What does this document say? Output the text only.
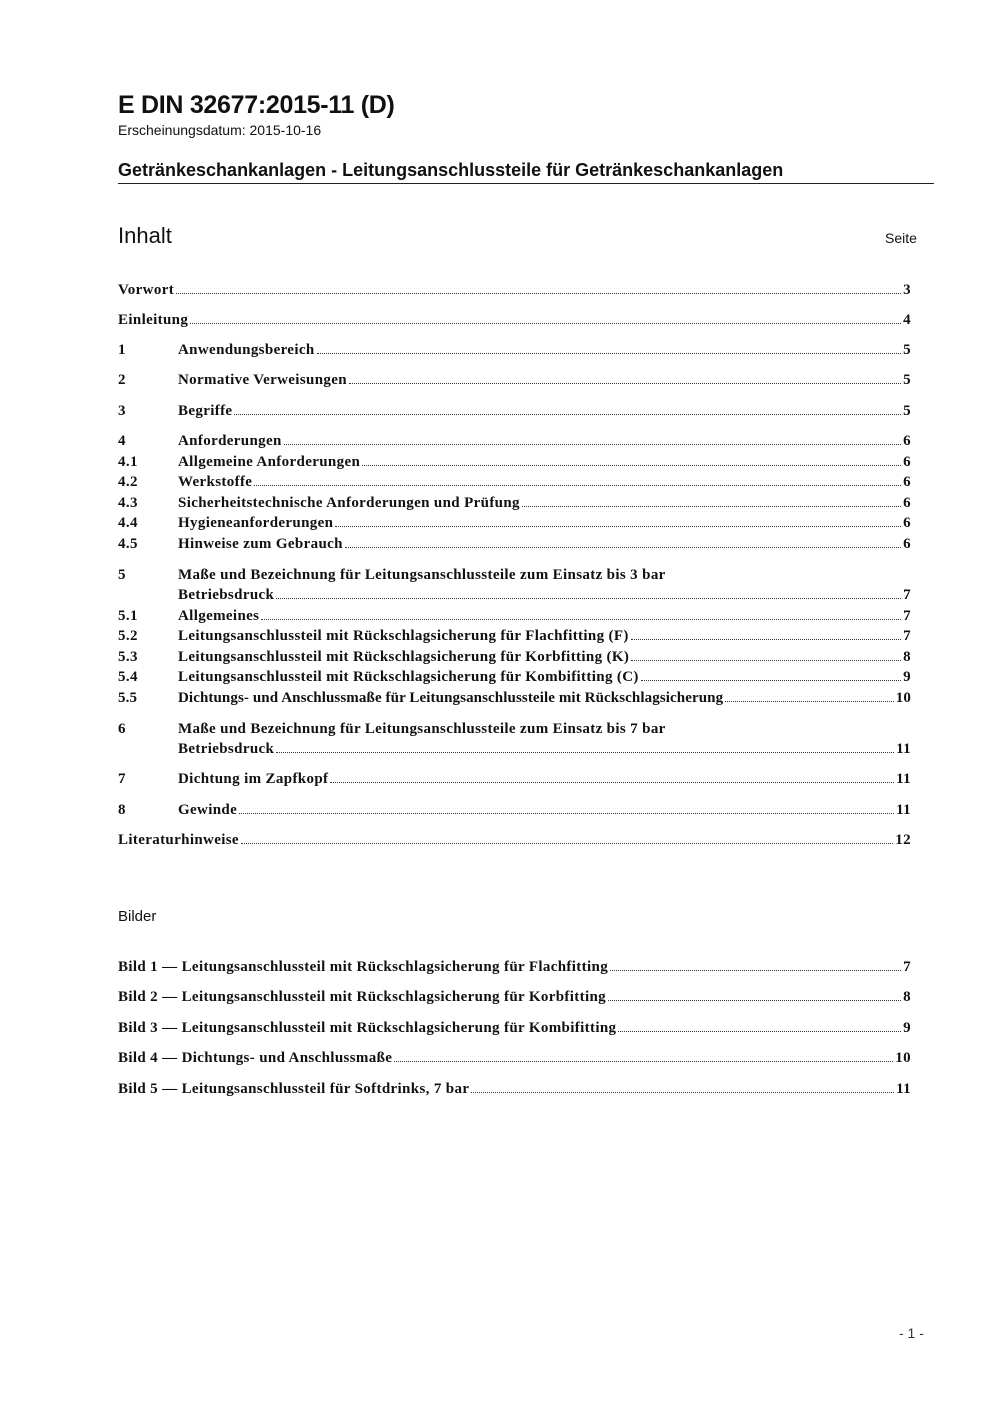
E DIN 32677:2015-11 (D)
Erscheinungsdatum: 2015-10-16
Getränkeschankanlagen - Leitungsanschlussteile für Getränkeschankanlagen
Inhalt	Seite
Vorwort	3
Einleitung	4
1	Anwendungsbereich	5
2	Normative Verweisungen	5
3	Begriffe	5
4	Anforderungen	6
4.1	Allgemeine Anforderungen	6
4.2	Werkstoffe	6
4.3	Sicherheitstechnische Anforderungen und Prüfung	6
4.4	Hygieneanforderungen	6
4.5	Hinweise zum Gebrauch	6
5	Maße und Bezeichnung für Leitungsanschlussteile zum Einsatz bis 3 bar
Betriebsdruck	7
5.1	Allgemeines	7
5.2	Leitungsanschlussteil mit Rückschlagsicherung für Flachfitting (F)	7
5.3	Leitungsanschlussteil mit Rückschlagsicherung für Korbfitting (K)	8
5.4	Leitungsanschlussteil mit Rückschlagsicherung für Kombifitting (C)	9
5.5	Dichtungs- und Anschlussmaße für Leitungsanschlussteile mit Rückschlagsicherung	10
6	Maße und Bezeichnung für Leitungsanschlussteile zum Einsatz bis 7 bar
Betriebsdruck	11
7	Dichtung im Zapfkopf	11
8	Gewinde	11
Literaturhinweise	12
Bilder
Bild 1 — Leitungsanschlussteil mit Rückschlagsicherung für Flachfitting	7
Bild 2 — Leitungsanschlussteil mit Rückschlagsicherung für Korbfitting	8
Bild 3 — Leitungsanschlussteil mit Rückschlagsicherung für Kombifitting	9
Bild 4 — Dichtungs- und Anschlussmaße	10
Bild 5 — Leitungsanschlussteil für Softdrinks, 7 bar	11
- 1 -
